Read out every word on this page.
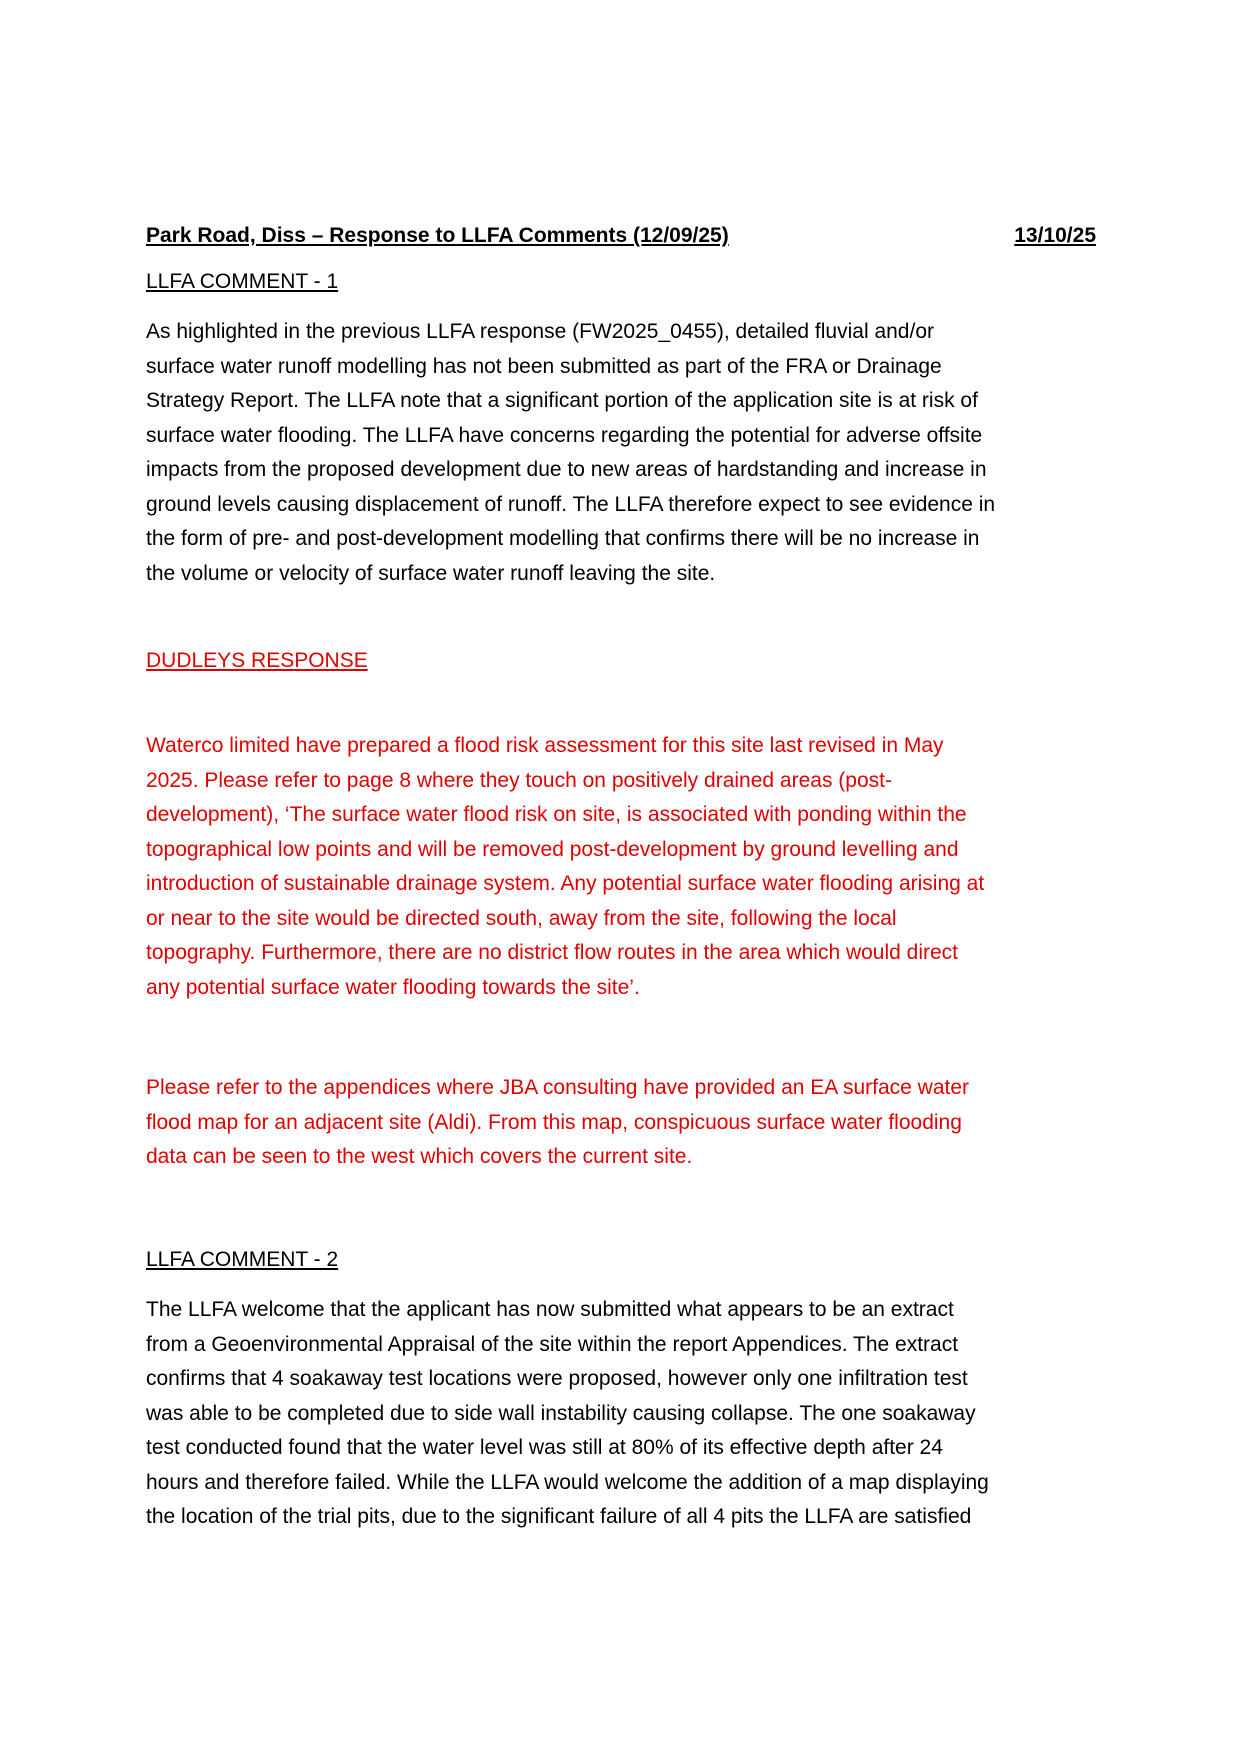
Park Road, Diss – Response to LLFA Comments (12/09/25)	13/10/25
LLFA COMMENT - 1
As highlighted in the previous LLFA response (FW2025_0455), detailed fluvial and/or
surface water runoff modelling has not been submitted as part of the FRA or Drainage
Strategy Report. The LLFA note that a significant portion of the application site is at risk of
surface water flooding. The LLFA have concerns regarding the potential for adverse offsite
impacts from the proposed development due to new areas of hardstanding and increase in
ground levels causing displacement of runoff. The LLFA therefore expect to see evidence in
the form of pre- and post-development modelling that confirms there will be no increase in
the volume or velocity of surface water runoff leaving the site.
DUDLEYS RESPONSE
Waterco limited have prepared a flood risk assessment for this site last revised in May
2025. Please refer to page 8 where they touch on positively drained areas (post-
development), ‘The surface water flood risk on site, is associated with ponding within the
topographical low points and will be removed post-development by ground levelling and
introduction of sustainable drainage system. Any potential surface water flooding arising at
or near to the site would be directed south, away from the site, following the local
topography. Furthermore, there are no district flow routes in the area which would direct
any potential surface water flooding towards the site’.
Please refer to the appendices where JBA consulting have provided an EA surface water
flood map for an adjacent site (Aldi). From this map, conspicuous surface water flooding
data can be seen to the west which covers the current site.
LLFA COMMENT - 2
The LLFA welcome that the applicant has now submitted what appears to be an extract
from a Geoenvironmental Appraisal of the site within the report Appendices. The extract
confirms that 4 soakaway test locations were proposed, however only one infiltration test
was able to be completed due to side wall instability causing collapse. The one soakaway
test conducted found that the water level was still at 80% of its effective depth after 24
hours and therefore failed. While the LLFA would welcome the addition of a map displaying
the location of the trial pits, due to the significant failure of all 4 pits the LLFA are satisfied
